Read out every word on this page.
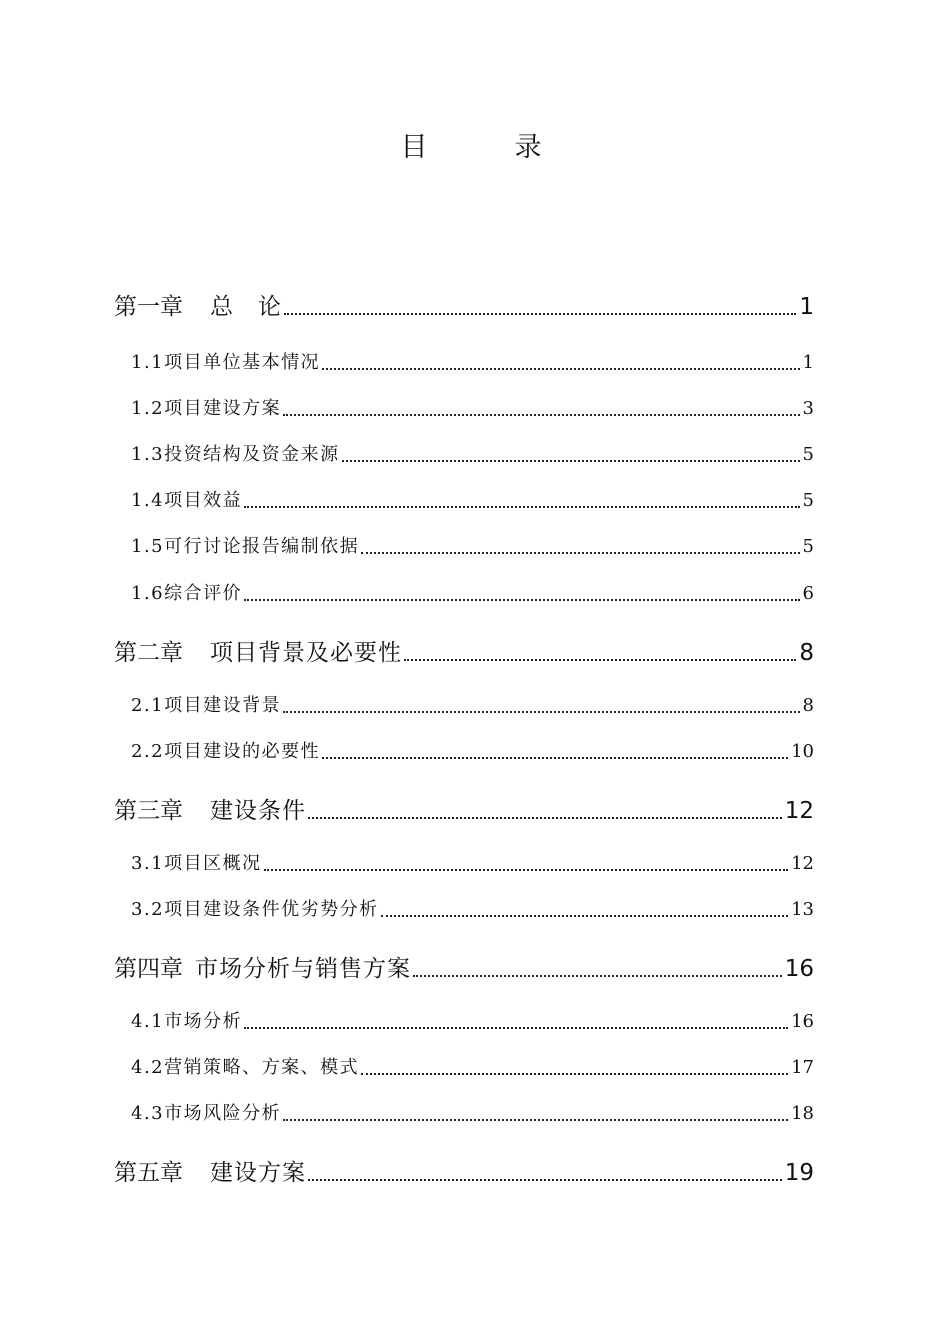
目　录
第一章	总　论	1
1.1 项目单位基本情况	1
1.2 项目建设方案	3
1.3 投资结构及资金来源	5
1.4 项目效益	5
1.5 可行讨论报告编制依据	5
1.6 综合评价	6
第二章	项目背景及必要性	8
2.1 项目建设背景	8
2.2 项目建设的必要性	10
第三章	建设条件	12
3.1 项目区概况	12
3.2 项目建设条件优劣势分析	13
第四章 市场分析与销售方案	16
4.1 市场分析	16
4.2 营销策略、方案、模式	17
4.3 市场风险分析	18
第五章	建设方案	19
